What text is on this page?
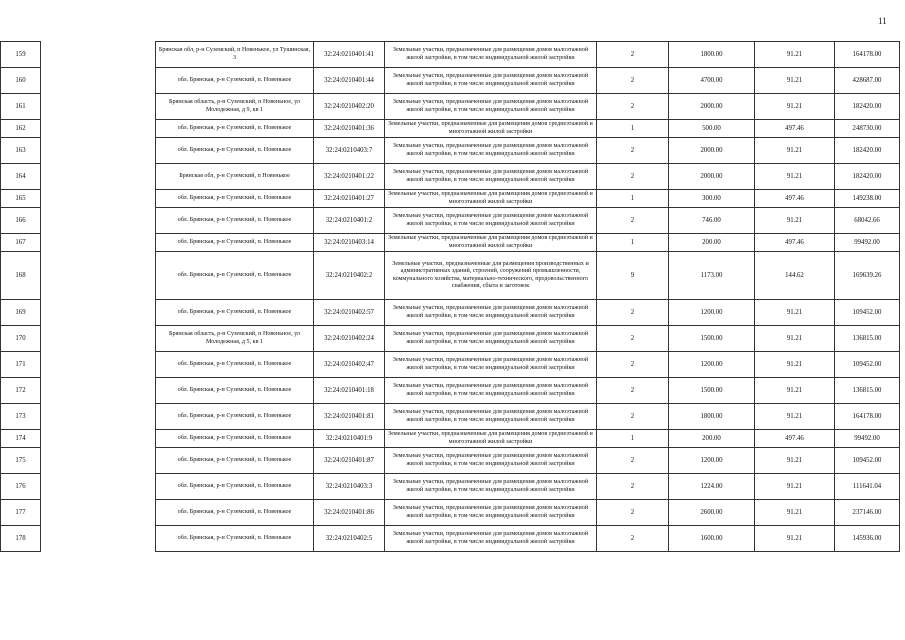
11
159		Брянская обл, р-н Суземский, п Новенькое, ул Тушинская, 3	32:24:0210401:41	Земельные участки, предназначенные для размещения домов малоэтажной жилой застройки, в том числе индивидуальной жилой застройки	2	1800.00	91.21	164178.00
160		обл. Брянская, р-н Суземский, п. Новенькое	32:24:0210401:44	Земельные участки, предназначенные для размещения домов малоэтажной жилой застройки, в том числе индивидуальной жилой застройки	2	4700.00	91.21	428687.00
161		Брянская область, р-н Суземский, п Новеньное, ул Молодежная, д 9, кв 1	32:24:0210402:20	Земельные участки, предназначенные для размещения домов малоэтажной жилой застройки, в том числе индивидуальной жилой застройки	2	2000.00	91.21	182420.00
162		обл. Брянская, р-н Суземский, п. Новенькое	32:24:0210401:36	Земельные участки, предназначенные для размещения домов среднеэтажной и многоэтажной жилой застройки	1	500.00	497.46	248730.00
163		обл. Брянская, р-н Суземский, п. Новенькое	32:24:0210403:7	Земельные участки, предназначенные для размещения домов малоэтажной жилой застройки, в том числе индивидуальной жилой застройки	2	2000.00	91.21	182420.00
164		Брянская обл, р-н Суземский, п Новенькое	32:24:0210401:22	Земельные участки, предназначенные для размещения домов малоэтажной жилой застройки, в том числе индивидуальной жилой застройки	2	2000.00	91.21	182420.00
165		обл. Брянская, р-н Суземский, п. Новенькое	32:24:0210401:27	Земельные участки, предназначенные для размещения домов среднеэтажной и многоэтажной жилой застройки	1	300.00	497.46	149238.00
166		обл. Брянская, р-н Суземский, п. Новенькое	32:24:0210401:2	Земельные участки, предназначенные для размещения домов малоэтажной жилой застройки, в том числе индивидуальной жилой застройки	2	746.00	91.21	68042.66
167		обл. Брянская, р-н Суземский, п. Новенькое	32:24:0210403:14	Земельные участки, предназначенные для размещения домов среднеэтажной и многоэтажной жилой застройки	1	200.00	497.46	99492.00
168		обл. Брянская, р-н Суземский, п. Новенькое	32:24:0210402:2	Земельные участки, предназначенные для размещения производственных и административных зданий, строений, сооружений промышленности, коммунального хозяйства, материально-технического, продовольственного снабжения, сбыта и заготовок	9	1173.00	144.62	169639.26
169		обл. Брянская, р-н Суземский, п. Новенькое	32:24:0210402:57	Земельные участки, предназначенные для размещения домов малоэтажной жилой застройки, в том числе индивидуальной жилой застройки	2	1200.00	91.21	109452.00
170		Брянская область, р-н Суземский, п Новеньное, ул Молодежная, д 5, кв 1	32:24:0210402:24	Земельные участки, предназначенные для размещения домов малоэтажной жилой застройки, в том числе индивидуальной жилой застройки	2	1500.00	91.21	136815.00
171		обл. Брянская, р-н Суземский, п. Новенькое	32:24:0210402:47	Земельные участки, предназначенные для размещения домов малоэтажной жилой застройки, в том числе индивидуальной жилой застройки	2	1200.00	91.21	109452.00
172		обл. Брянская, р-н Суземский, п. Новенькое	32:24:0210401:18	Земельные участки, предназначенные для размещения домов малоэтажной жилой застройки, в том числе индивидуальной жилой застройки	2	1500.00	91.21	136815.00
173		обл. Брянская, р-н Суземский, п. Новенькое	32:24:0210401:81	Земельные участки, предназначенные для размещения домов малоэтажной жилой застройки, в том числе индивидуальной жилой застройки	2	1800.00	91.21	164178.00
174		обл. Брянская, р-н Суземский, п. Новенькое	32:24:0210401:9	Земельные участки, предназначенные для размещения домов среднеэтажной и многоэтажной жилой застройки	1	200.00	497.46	99492.00
175		обл. Брянская, р-н Суземский, п. Новенькое	32:24:0210401:87	Земельные участки, предназначенные для размещения домов малоэтажной жилой застройки, в том числе индивидуальной жилой застройки	2	1200.00	91.21	109452.00
176		обл. Брянская, р-н Суземский, п. Новенькое	32:24:0210403:3	Земельные участки, предназначенные для размещения домов малоэтажной жилой застройки, в том числе индивидуальной жилой застройки	2	1224.00	91.21	111641.04
177		обл. Брянская, р-н Суземский, п. Новенькое	32:24:0210401:86	Земельные участки, предназначенные для размещения домов малоэтажной жилой застройки, в том числе индивидуальной жилой застройки	2	2600.00	91.21	237146.00
178		обл. Брянская, р-н Суземский, п. Новенькое	32:24:0210402:5	Земельные участки, предназначенные для размещения домов малоэтажной жилой застройки, в том числе индивидуальной жилой застройки	2	1600.00	91.21	145936.00
